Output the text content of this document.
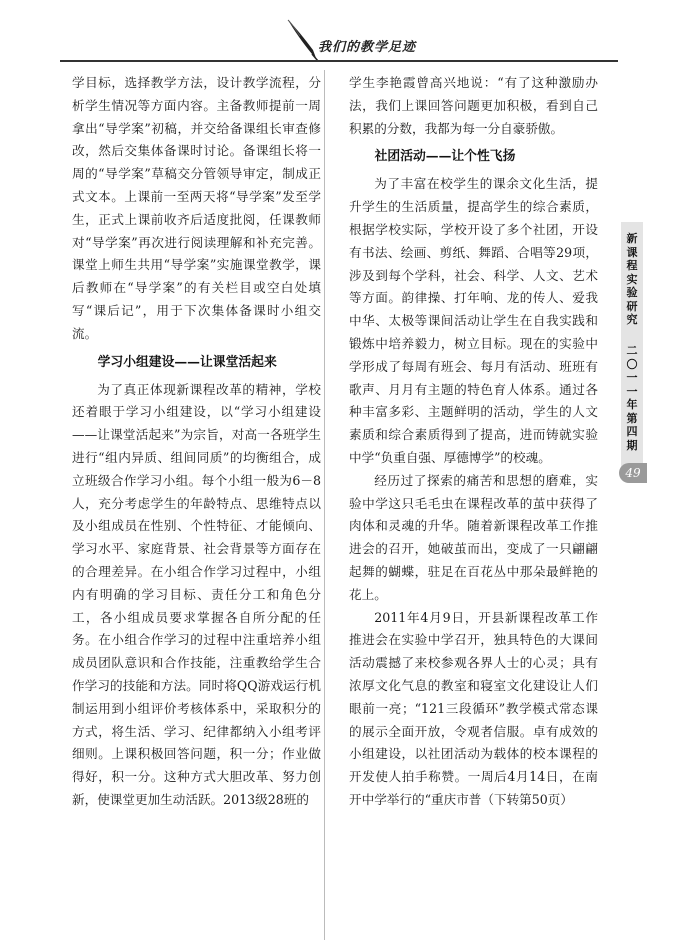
我们的教学足迹

学目标，选择教学方法，设计教学流程，分析学生情况等方面内容。主备教师提前一周拿出“导学案”初稿，并交给备课组长审查修改，然后交集体备课时讨论。备课组长将一周的“导学案”草稿交分管领导审定，制成正式文本。上课前一至两天将“导学案”发至学生，正式上课前收齐后适度批阅，任课教师对“导学案”再次进行阅读理解和补充完善。课堂上师生共用“导学案”实施课堂教学，课后教师在“导学案”的有关栏目或空白处填写“课后记”，用于下次集体备课时小组交流。

学习小组建设——让课堂活起来

为了真正体现新课程改革的精神，学校还着眼于学习小组建设，以“学习小组建设——让课堂活起来”为宗旨，对高一各班学生进行“组内异质、组间同质”的均衡组合，成立班级合作学习小组。每个小组一般为6－8人，充分考虑学生的年龄特点、思维特点以及小组成员在性别、个性特征、才能倾向、学习水平、家庭背景、社会背景等方面存在的合理差异。在小组合作学习过程中，小组内有明确的学习目标、责任分工和角色分工，各小组成员要求掌握各自所分配的任务。在小组合作学习的过程中注重培养小组成员团队意识和合作技能，注重教给学生合作学习的技能和方法。同时将QQ游戏运行机制运用到小组评价考核体系中，采取积分的方式，将生活、学习、纪律都纳入小组考评细则。上课积极回答问题，积一分；作业做得好，积一分。这种方式大胆改革、努力创新，使课堂更加生动活跃。2013级28班的

学生李艳霞曾高兴地说：“有了这种激励办法，我们上课回答问题更加积极，看到自己积累的分数，我都为每一分自豪骄傲。

社团活动——让个性飞扬

为了丰富在校学生的课余文化生活，提升学生的生活质量，提高学生的综合素质，根据学校实际，学校开设了多个社团，开设有书法、绘画、剪纸、舞蹈、合唱等29项，涉及到每个学科，社会、科学、人文、艺术等方面。韵律操、打年响、龙的传人、爱我中华、太极等课间活动让学生在自我实践和锻炼中培养毅力，树立目标。现在的实验中学形成了每周有班会、每月有活动、班班有歌声、月月有主题的特色育人体系。通过各种丰富多彩、主题鲜明的活动，学生的人文素质和综合素质得到了提高，进而铸就实验中学“负重自强、厚德博学”的校魂。

经历过了探索的痛苦和思想的磨难，实验中学这只毛毛虫在课程改革的茧中获得了肉体和灵魂的升华。随着新课程改革工作推进会的召开，她破茧而出，变成了一只翩翩起舞的蝴蝶，驻足在百花丛中那朵最鲜艳的花上。

2011年4月9日，开县新课程改革工作推进会在实验中学召开，独具特色的大课间活动震撼了来校参观各界人士的心灵；具有浓厚文化气息的教室和寝室文化建设让人们眼前一亮；“121三段循环”教学模式常态课的展示全面开放，令观者信服。卓有成效的小组建设，以社团活动为载体的校本课程的开发使人拍手称赞。一周后4月14日，在南开中学举行的“重庆市普（下转第50页）

新课程实验研究
二〇一一年第四期
49
